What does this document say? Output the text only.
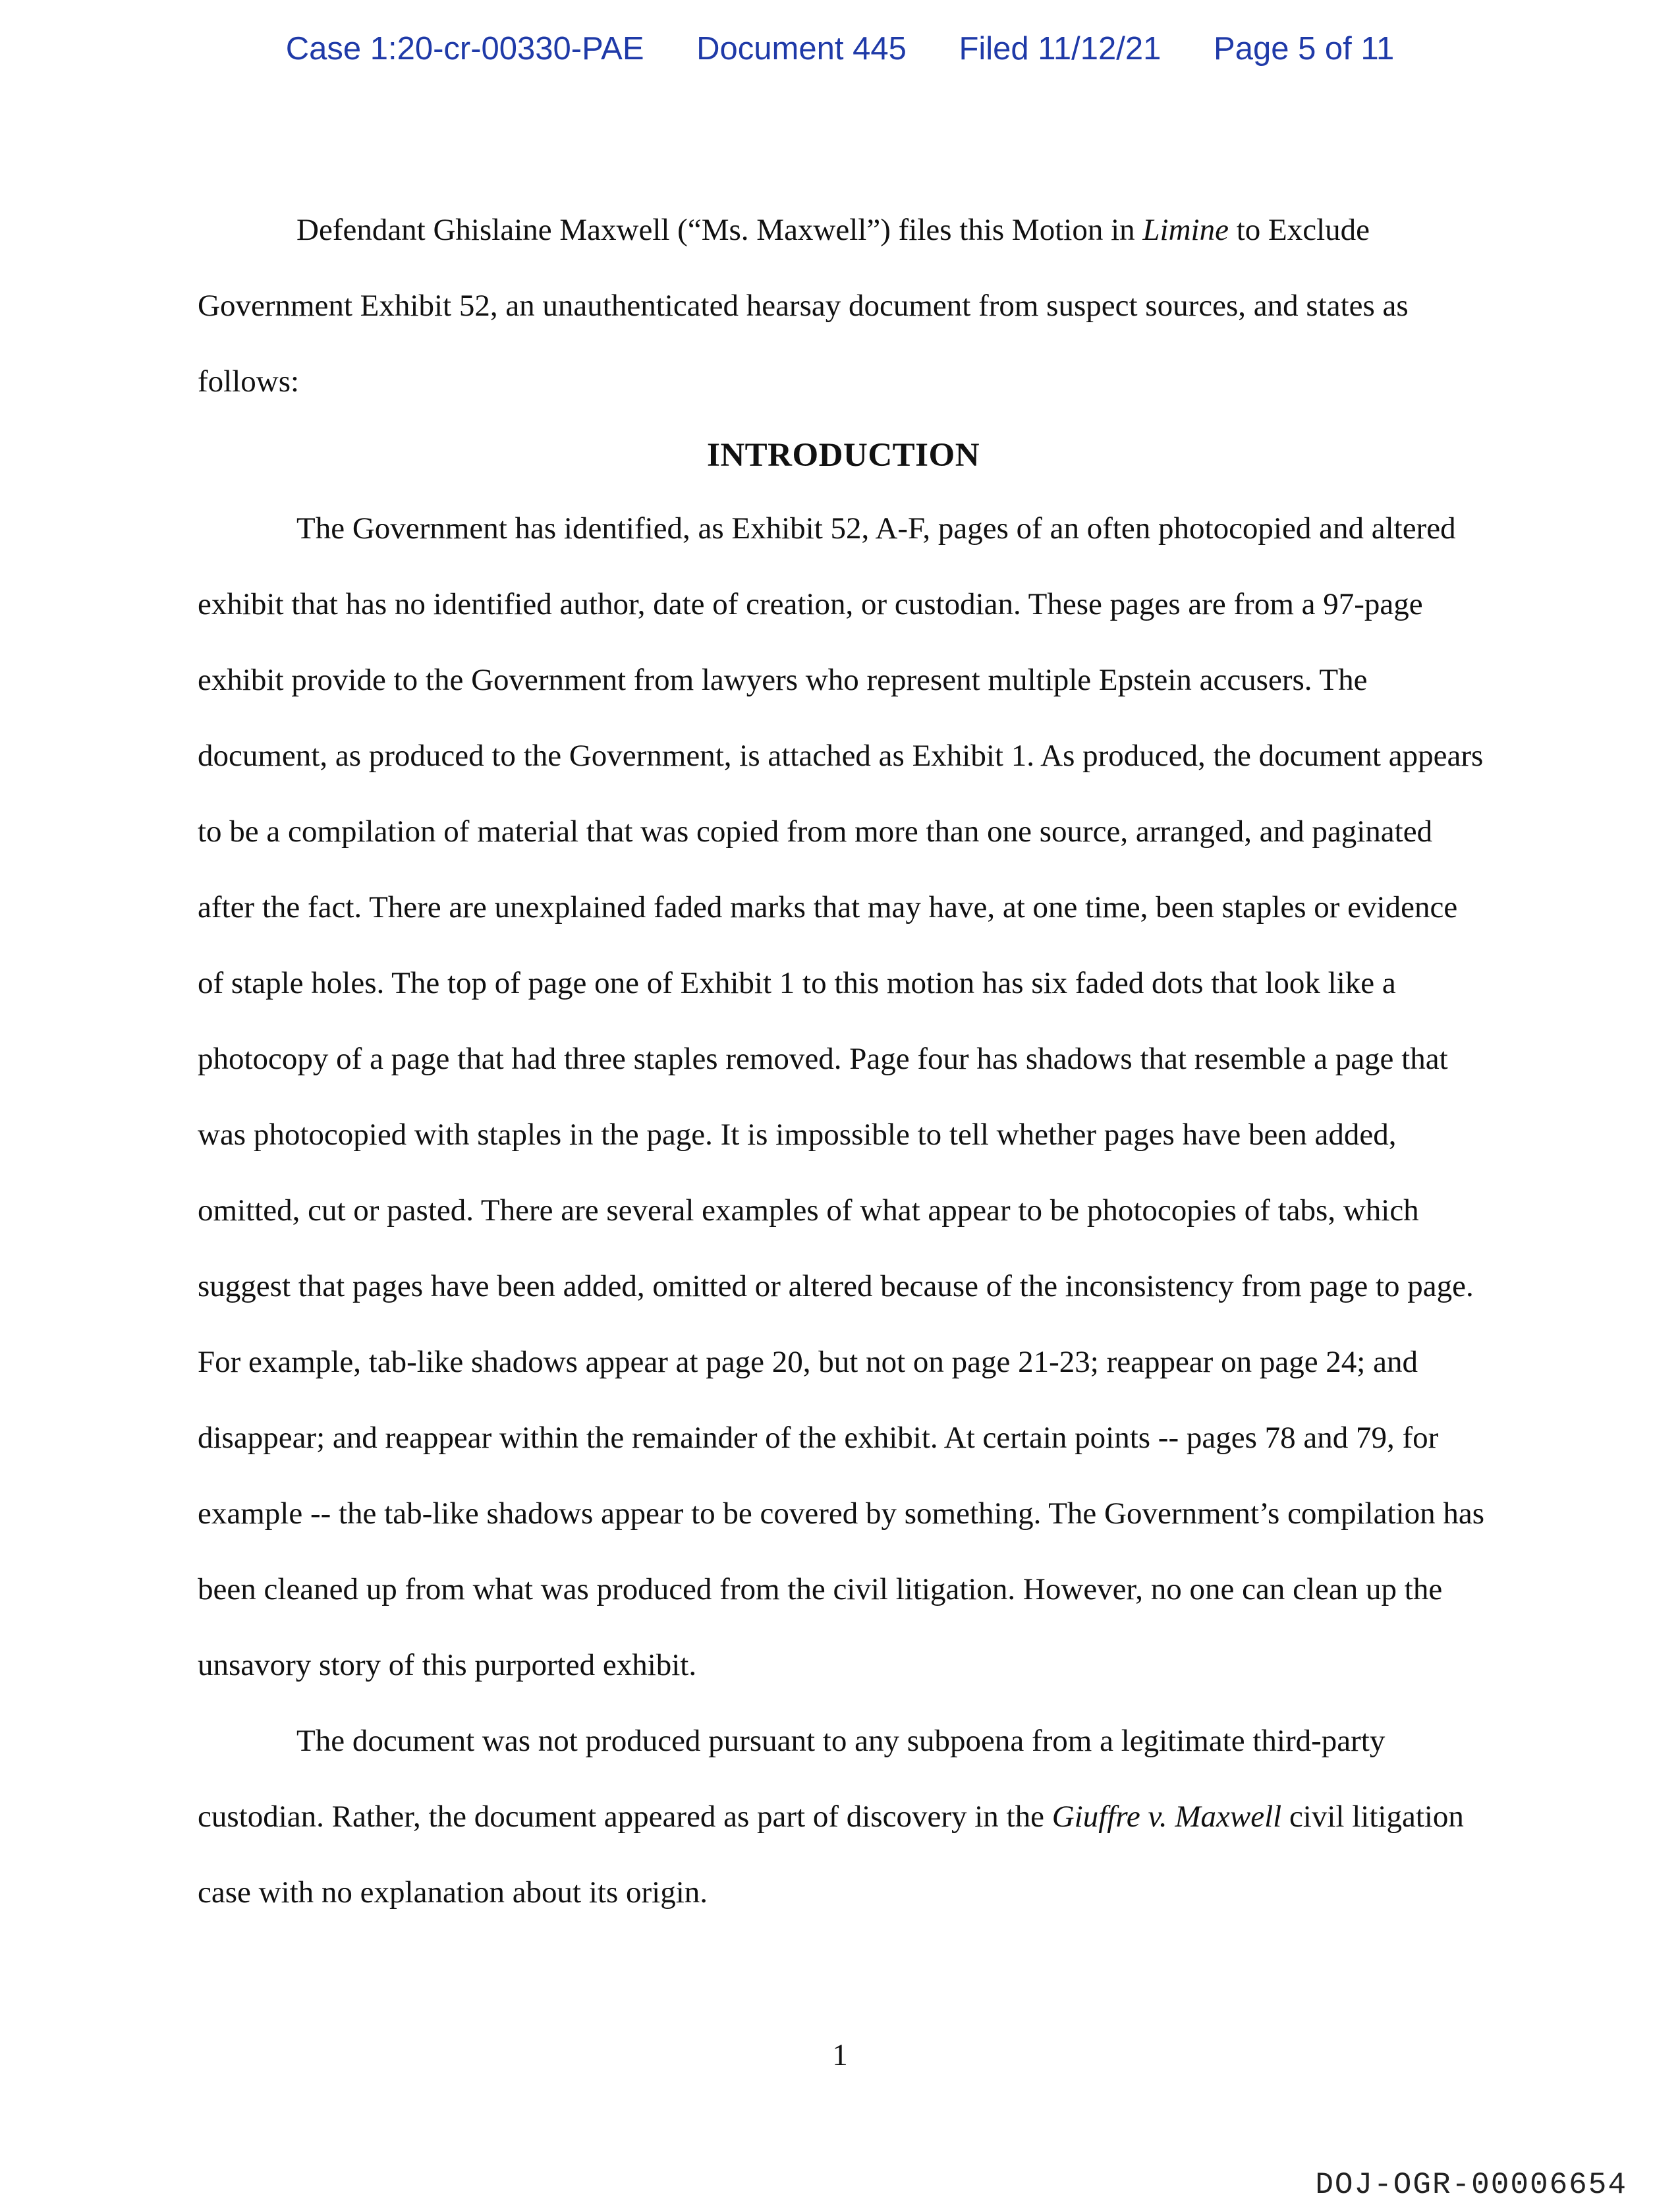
Case 1:20-cr-00330-PAE Document 445 Filed 11/12/21 Page 5 of 11

Defendant Ghislaine Maxwell (“Ms. Maxwell”) files this Motion in Limine to Exclude Government Exhibit 52, an unauthenticated hearsay document from suspect sources, and states as follows:

INTRODUCTION

The Government has identified, as Exhibit 52, A-F, pages of an often photocopied and altered exhibit that has no identified author, date of creation, or custodian. These pages are from a 97-page exhibit provide to the Government from lawyers who represent multiple Epstein accusers. The document, as produced to the Government, is attached as Exhibit 1. As produced, the document appears to be a compilation of material that was copied from more than one source, arranged, and paginated after the fact. There are unexplained faded marks that may have, at one time, been staples or evidence of staple holes. The top of page one of Exhibit 1 to this motion has six faded dots that look like a photocopy of a page that had three staples removed. Page four has shadows that resemble a page that was photocopied with staples in the page. It is impossible to tell whether pages have been added, omitted, cut or pasted. There are several examples of what appear to be photocopies of tabs, which suggest that pages have been added, omitted or altered because of the inconsistency from page to page. For example, tab-like shadows appear at page 20, but not on page 21-23; reappear on page 24; and disappear; and reappear within the remainder of the exhibit. At certain points -- pages 78 and 79, for example -- the tab-like shadows appear to be covered by something. The Government’s compilation has been cleaned up from what was produced from the civil litigation. However, no one can clean up the unsavory story of this purported exhibit.

The document was not produced pursuant to any subpoena from a legitimate third-party custodian. Rather, the document appeared as part of discovery in the Giuffre v. Maxwell civil litigation case with no explanation about its origin.

1
DOJ-OGR-00006654
